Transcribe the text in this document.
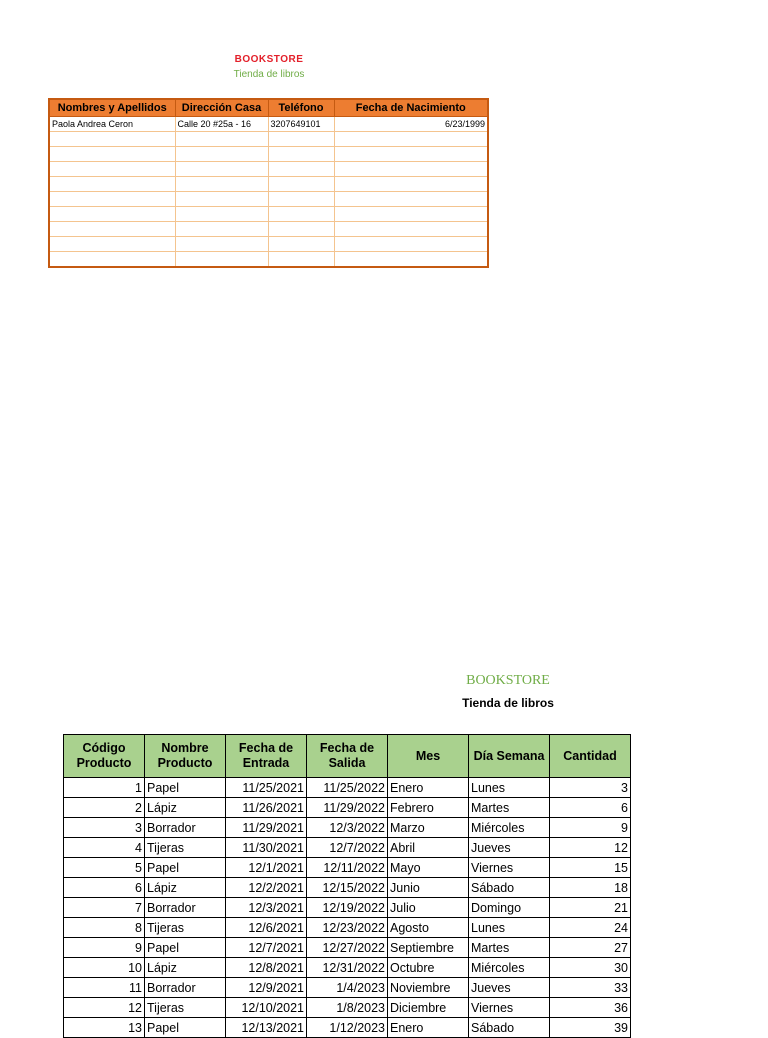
BOOKSTORE
Tienda de libros
Nombres y Apellidos	Dirección Casa	Teléfono	Fecha de Nacimiento
Paola Andrea Ceron	Calle 20 #25a - 16	3207649101	6/23/1999

BOOKSTORE
Tienda de libros
Código Producto	Nombre Producto	Fecha de Entrada	Fecha de Salida	Mes	Día Semana	Cantidad
1	Papel	11/25/2021	11/25/2022	Enero	Lunes	3
2	Lápiz	11/26/2021	11/29/2022	Febrero	Martes	6
3	Borrador	11/29/2021	12/3/2022	Marzo	Miércoles	9
4	Tijeras	11/30/2021	12/7/2022	Abril	Jueves	12
5	Papel	12/1/2021	12/11/2022	Mayo	Viernes	15
6	Lápiz	12/2/2021	12/15/2022	Junio	Sábado	18
7	Borrador	12/3/2021	12/19/2022	Julio	Domingo	21
8	Tijeras	12/6/2021	12/23/2022	Agosto	Lunes	24
9	Papel	12/7/2021	12/27/2022	Septiembre	Martes	27
10	Lápiz	12/8/2021	12/31/2022	Octubre	Miércoles	30
11	Borrador	12/9/2021	1/4/2023	Noviembre	Jueves	33
12	Tijeras	12/10/2021	1/8/2023	Diciembre	Viernes	36
13	Papel	12/13/2021	1/12/2023	Enero	Sábado	39
